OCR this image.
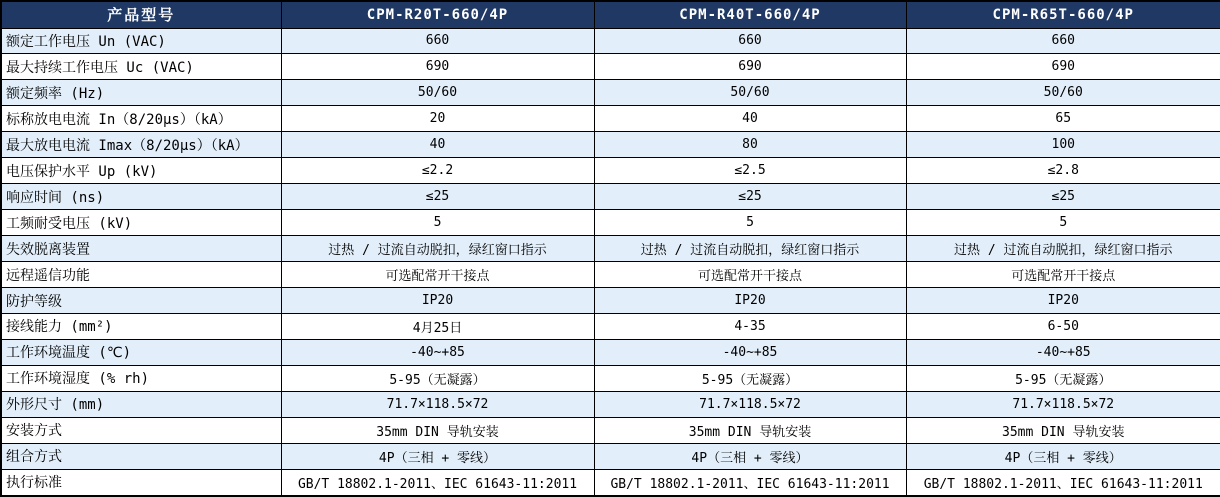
产品型号	CPM-R20T-660/4P	CPM-R40T-660/4P	CPM-R65T-660/4P
额定工作电压 Un (VAC)	660	660	660
最大持续工作电压 Uc (VAC)	690	690	690
额定频率 (Hz)	50/60	50/60	50/60
标称放电电流 In（8/20μs）（kA）	20	40	65
最大放电电流 Imax（8/20μs）（kA）	40	80	100
电压保护水平 Up (kV)	≤2.2	≤2.5	≤2.8
响应时间 (ns)	≤25	≤25	≤25
工频耐受电压 (kV)	5	5	5
失效脱离装置	过热 / 过流自动脱扣，绿红窗口指示	过热 / 过流自动脱扣，绿红窗口指示	过热 / 过流自动脱扣，绿红窗口指示
远程遥信功能	可选配常开干接点	可选配常开干接点	可选配常开干接点
防护等级	IP20	IP20	IP20
接线能力 (mm²)	4月25日	4-35	6-50
工作环境温度 (℃)	-40~+85	-40~+85	-40~+85
工作环境湿度 (% rh)	5-95（无凝露）	5-95（无凝露）	5-95（无凝露）
外形尺寸 (mm)	71.7×118.5×72	71.7×118.5×72	71.7×118.5×72
安装方式	35mm DIN 导轨安装	35mm DIN 导轨安装	35mm DIN 导轨安装
组合方式	4P（三相 + 零线）	4P（三相 + 零线）	4P（三相 + 零线）
执行标准	GB/T 18802.1-2011、IEC 61643-11:2011	GB/T 18802.1-2011、IEC 61643-11:2011	GB/T 18802.1-2011、IEC 61643-11:2011
